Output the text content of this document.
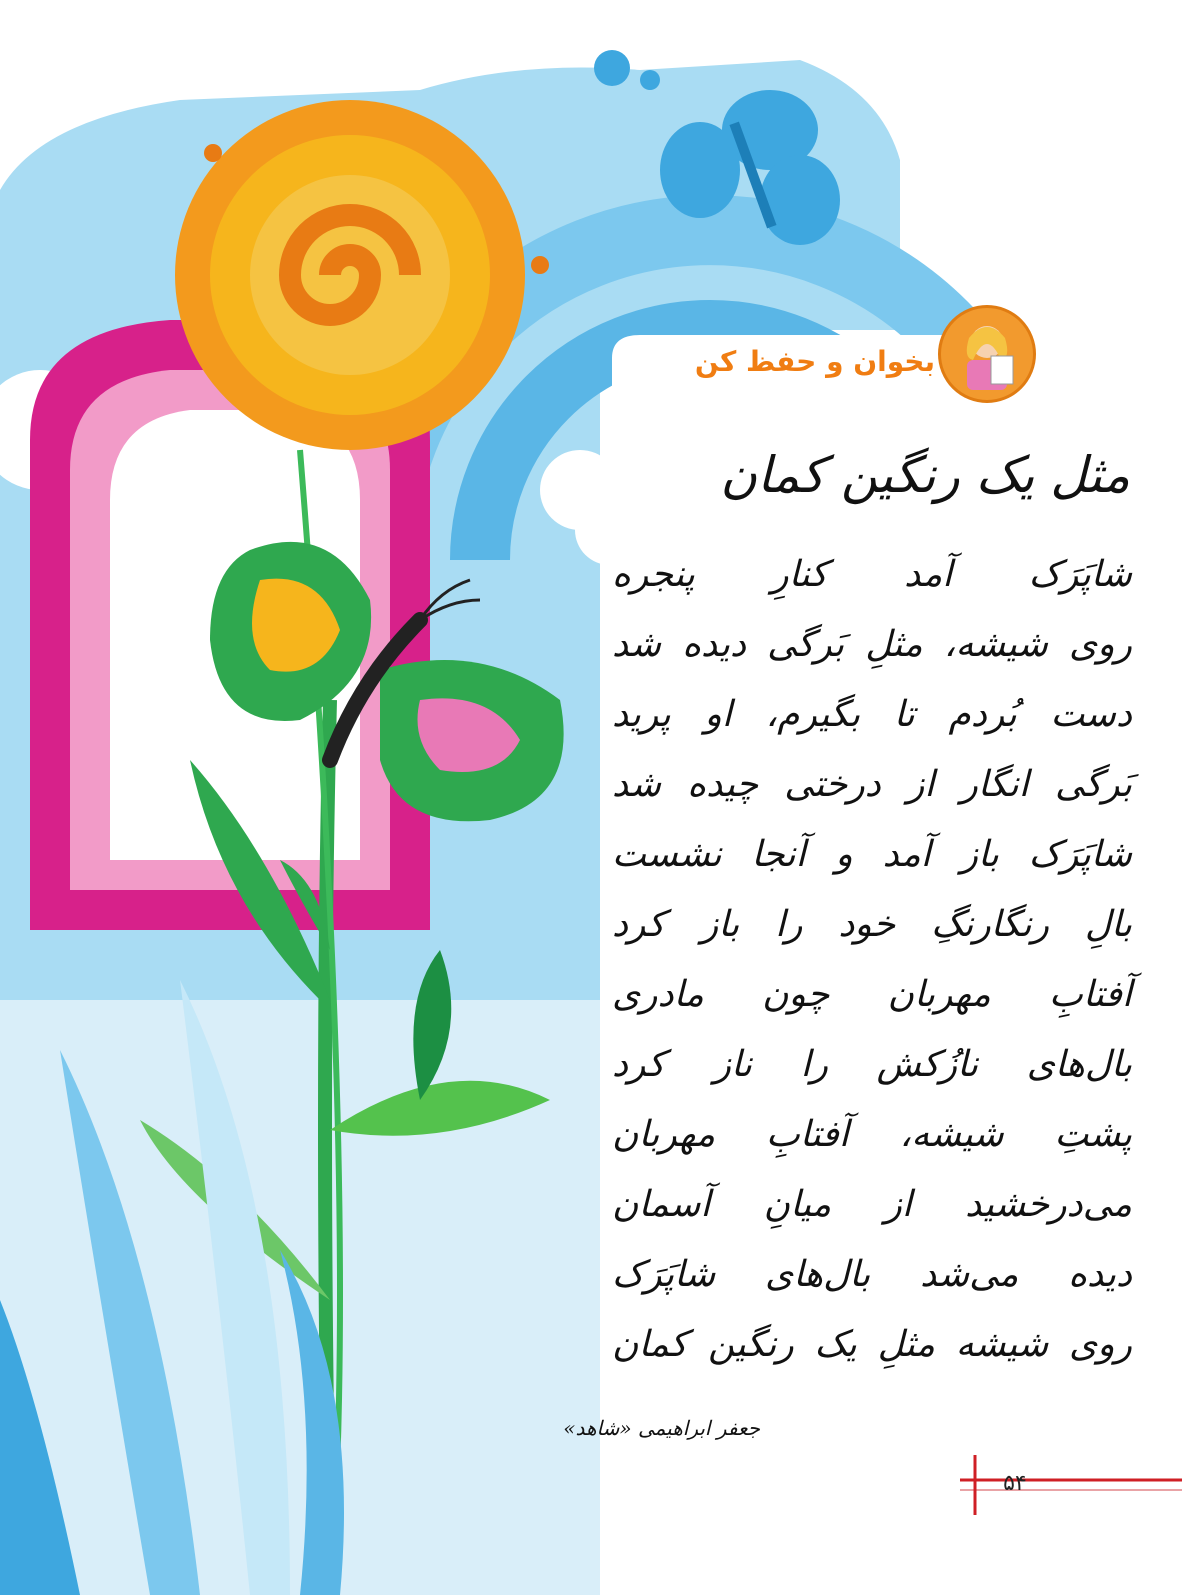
بخوان و حفظ کن
مثل یک رنگین کمان
شاپَرَک آمد کنارِ پنجره
روی شیشه، مثلِ بَرگی دیده شد
دست بُردم تا بگیرم، او پرید
بَرگی انگار از درختی چیده شد
شاپَرَک باز آمد و آنجا نشست
بالِ رنگارنگِ خود را باز کرد
آفتابِ مهربان چون مادری
بال‌های نازُکش را ناز کرد
پشتِ شیشه، آفتابِ مهربان
می‌درخشید از میانِ آسمان
دیده می‌شد بال‌های شاپَرَک
روی شیشه مثلِ یک رنگین کمان
جعفر ابراهیمی «شاهد»
۵۴
